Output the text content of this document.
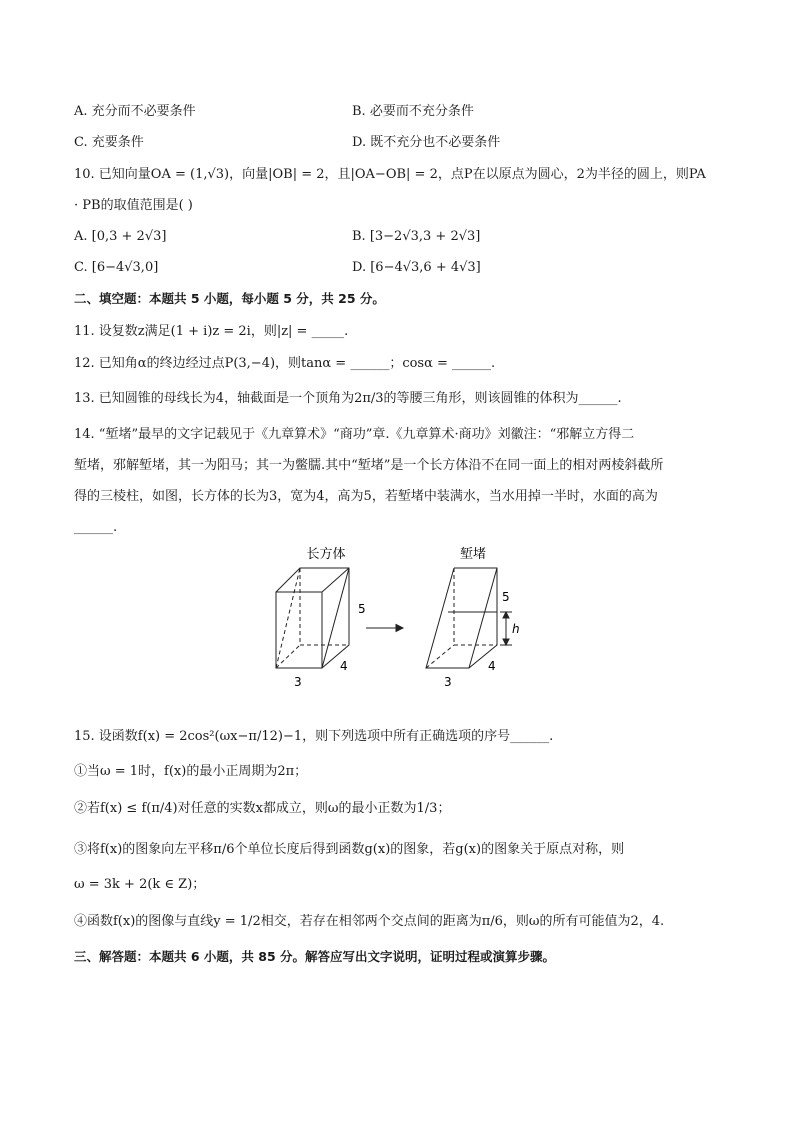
A. 充分而不必要条件	B. 必要而不充分条件
C. 充要条件	D. 既不充分也不必要条件
10. 已知向量OA = (1,√3)，向量|OB| = 2，且|OA−OB| = 2，点P在以原点为圆心，2为半径的圆上，则PA
· PB的取值范围是( )
A. [0,3 + 2√3]	B. [3−2√3,3 + 2√3]
C. [6−4√3,0]	D. [6−4√3,6 + 4√3]
二、填空题：本题共 5 小题，每小题 5 分，共 25 分。
11. 设复数z满足(1 + i)z = 2i，则|z| = _____.
12. 已知角α的终边经过点P(3,−4)，则tanα = ______；cosα = ______.
13. 已知圆锥的母线长为4，轴截面是一个顶角为2π/3的等腰三角形，则该圆锥的体积为______.
14. “堑堵”最早的文字记载见于《九章算术》“商功”章.《九章算术·商功》刘徽注：“邪解立方得二
堑堵，邪解堑堵，其一为阳马；其一为鳖臑.其中“堑堵”是一个长方体沿不在同一面上的相对两棱斜截所
得的三棱柱，如图，长方体的长为3，宽为4，高为5，若堑堵中装满水，当水用掉一半时，水面的高为
______.
长方体	堑堵
5
4
3
5
h
4
3
15. 设函数f(x) = 2cos²(ωx−π/12)−1，则下列选项中所有正确选项的序号______.
①当ω = 1时，f(x)的最小正周期为2π；
②若f(x) ≤ f(π/4)对任意的实数x都成立，则ω的最小正数为1/3；
③将f(x)的图象向左平移π/6个单位长度后得到函数g(x)的图象，若g(x)的图象关于原点对称，则
ω = 3k + 2(k ∈ Z)；
④函数f(x)的图像与直线y = 1/2相交，若存在相邻两个交点间的距离为π/6，则ω的所有可能值为2，4.
三、解答题：本题共 6 小题，共 85 分。解答应写出文字说明，证明过程或演算步骤。
